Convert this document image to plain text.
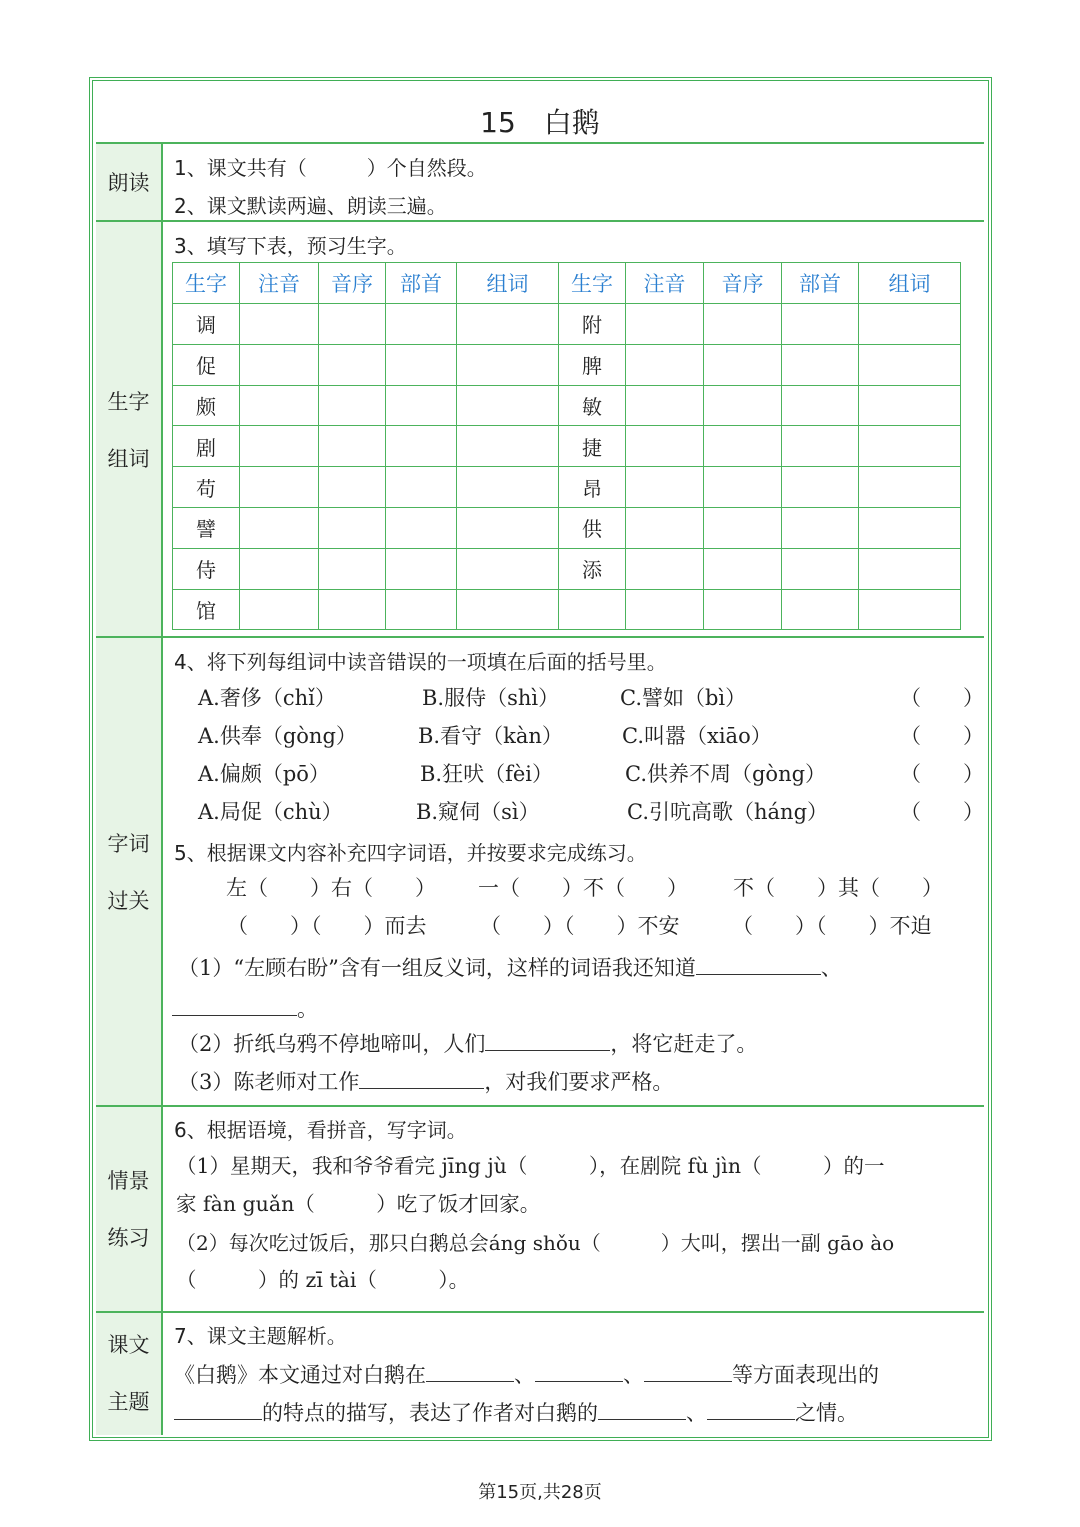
15　白鹅
朗读
生字
组词
字词
过关
情景
练习
课文
主题
1、课文共有（　　　）个自然段。
2、课文默读两遍、朗读三遍。
3、填写下表，预习生字。
生字	注音	音序	部首	组词	生字	注音	音序	部首	组词
调					附				
促					脾				
颇					敏				
剧					捷				
苟					昂				
譬					供				
侍					添				
馆									
4、将下列每组词中读音错误的一项填在后面的括号里。
A.奢侈（chǐ）	B.服侍（shì）	C.譬如（bì）	（　　）
A.供奉（gòng）	B.看守（kàn）	C.叫嚣（xiāo）	（　　）
A.偏颇（pō）	B.狂吠（fèi）	C.供养不周（gòng）	（　　）
A.局促（chù）	B.窥伺（sì）	C.引吭高歌（háng）	（　　）
5、根据课文内容补充四字词语，并按要求完成练习。
左（　　）右（　　） 一（　　）不（　　） 不（　　）其（　　）
（　　）（　　）而去	（　　）（　　）不安	（　　）（　　）不迫
（1）“左顾右盼”含有一组反义词，这样的词语我还知道	、
。
（2）折纸乌鸦不停地啼叫，人们	，将它赶走了。
（3）陈老师对工作	，对我们要求严格。
6、根据语境，看拼音，写字词。
（1）星期天，我和爷爷看完 jīng jù（　　　），在剧院 fù jìn（　　　）的一
家 fàn guǎn（　　　）吃了饭才回家。
（2）每次吃过饭后，那只白鹅总会áng shǒu（　　　）大叫，摆出一副 gāo ào
（　　　）的 zī tài（　　　）。
7、课文主题解析。
《白鹅》本文通过对白鹅在	、	、	等方面表现出的
的特点的描写，表达了作者对白鹅的	、	之情。
第15页,共28页
